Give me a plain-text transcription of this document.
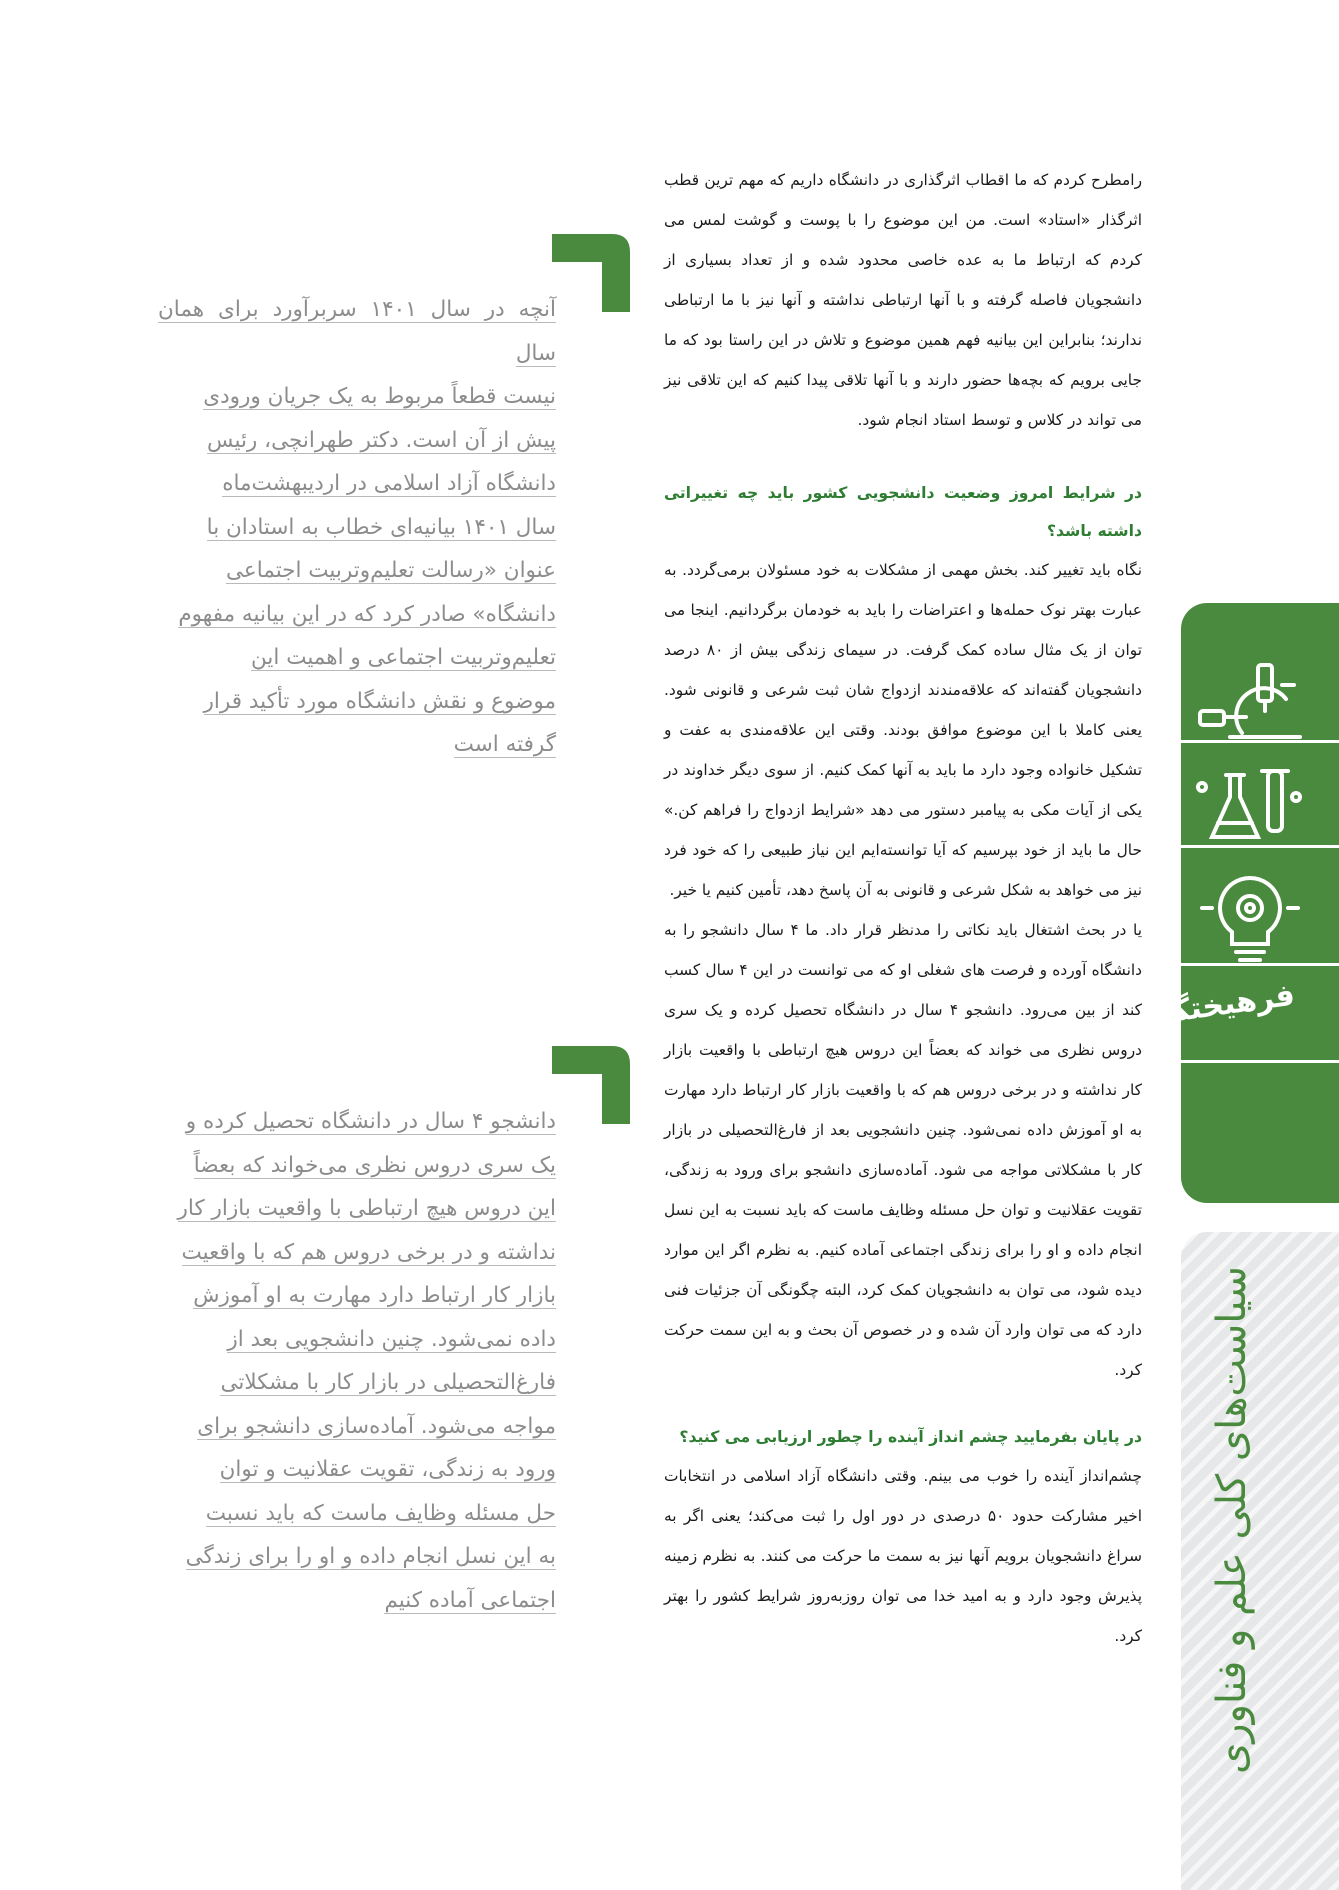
رامطرح کردم که ما اقطاب اثرگذاری در دانشگاه داریم که مهم ترین قطب اثرگذار «استاد» است. من این موضوع را با پوست و گوشت لمس می کردم که ارتباط ما به عده خاصی محدود شده و از تعداد بسیاری از دانشجویان فاصله گرفته و با آنها ارتباطی نداشته و آنها نیز با ما ارتباطی ندارند؛ بنابراین این بیانیه فهم همین موضوع و تلاش در این راستا بود که ما جایی برویم که بچه‌ها حضور دارند و با آنها تلاقی پیدا کنیم که این تلاقی نیز می تواند در کلاس و توسط استاد انجام شود.

در شرایط امروز وضعیت دانشجویی کشور باید چه تغییراتی داشته باشد؟

نگاه باید تغییر کند. بخش مهمی از مشکلات به خود مسئولان برمی‌گردد. به عبارت بهتر نوک حمله‌ها و اعتراضات را باید به خودمان برگردانیم. اینجا می توان از یک مثال ساده کمک گرفت. در سیمای زندگی بیش از ۸۰ درصد دانشجویان گفته‌اند که علاقه‌مندند ازدواج شان ثبت شرعی و قانونی شود. یعنی کاملا با این موضوع موافق بودند. وقتی این علاقه‌مندی به عفت و تشکیل خانواده وجود دارد ما باید به آنها کمک کنیم. از سوی دیگر خداوند در یکی از آیات مکی به پیامبر دستور می دهد «شرایط ازدواج را فراهم کن.» حال ما باید از خود بپرسیم که آیا توانسته‌ایم این نیاز طبیعی را که خود فرد نیز می خواهد به شکل شرعی و قانونی به آن پاسخ دهد، تأمین کنیم یا خیر.

یا در بحث اشتغال باید نکاتی را مدنظر قرار داد. ما ۴ سال دانشجو را به دانشگاه آورده و فرصت های شغلی او که می توانست در این ۴ سال کسب کند از بین می‌رود. دانشجو ۴ سال در دانشگاه تحصیل کرده و یک سری دروس نظری می خواند که بعضاً این دروس هیچ ارتباطی با واقعیت بازار کار نداشته و در برخی دروس هم که با واقعیت بازار کار ارتباط دارد مهارت به او آموزش داده نمی‌شود. چنین دانشجویی بعد از فارغ‌التحصیلی در بازار کار با مشکلاتی مواجه می شود. آماده‌سازی دانشجو برای ورود به زندگی، تقویت عقلانیت و توان حل مسئله وظایف ماست که باید نسبت به این نسل انجام داده و او را برای زندگی اجتماعی آماده کنیم. به نظرم اگر این موارد دیده شود، می توان به دانشجویان کمک کرد، البته چگونگی آن جزئیات فنی دارد که می توان وارد آن شده و در خصوص آن بحث و به این سمت حرکت کرد.

در پایان بفرمایید چشم انداز آینده را چطور ارزیابی می کنید؟

چشم‌انداز آینده را خوب می بینم. وقتی دانشگاه آزاد اسلامی در انتخابات اخیر مشارکت حدود ۵۰ درصدی در دور اول را ثبت می‌کند؛ یعنی اگر به سراغ دانشجویان برویم آنها نیز به سمت ما حرکت می کنند. به نظرم زمینه پذیرش وجود دارد و به امید خدا می توان روزبه‌روز شرایط کشور را بهتر کرد.

آنچه در سال ۱۴۰۱ سربرآورد برای همان سال
نیست قطعاً مربوط به یک جریان ورودی
پیش از آن است. دکتر طهرانچی، رئیس
دانشگاه آزاد اسلامی در اردیبهشت‌ماه
سال ۱۴۰۱ بیانیه‌ای خطاب به استادان با
عنوان «رسالت تعلیم‌وتربیت اجتماعی
دانشگاه» صادر کرد که در این بیانیه مفهوم
تعلیم‌وتربیت اجتماعی و اهمیت این
موضوع و نقش دانشگاه مورد تأکید قرار
گرفته است
دانشجو ۴ سال در دانشگاه تحصیل کرده و
یک سری دروس نظری می‌خواند که بعضاً
این دروس هیچ ارتباطی با واقعیت بازار کار
نداشته و در برخی دروس هم که با واقعیت
بازار کار ارتباط دارد مهارت به او آموزش
داده نمی‌شود. چنین دانشجویی بعد از
فارغ‌التحصیلی در بازار کار با مشکلاتی
مواجه می‌شود. آماده‌سازی دانشجو برای
ورود به زندگی، تقویت عقلانیت و توان
حل مسئله وظایف ماست که باید نسبت
به این نسل انجام داده و او را برای زندگی
اجتماعی آماده کنیم
فرهیختگان
۳۲۸
سیاست‌های کلی علم و فناوری
